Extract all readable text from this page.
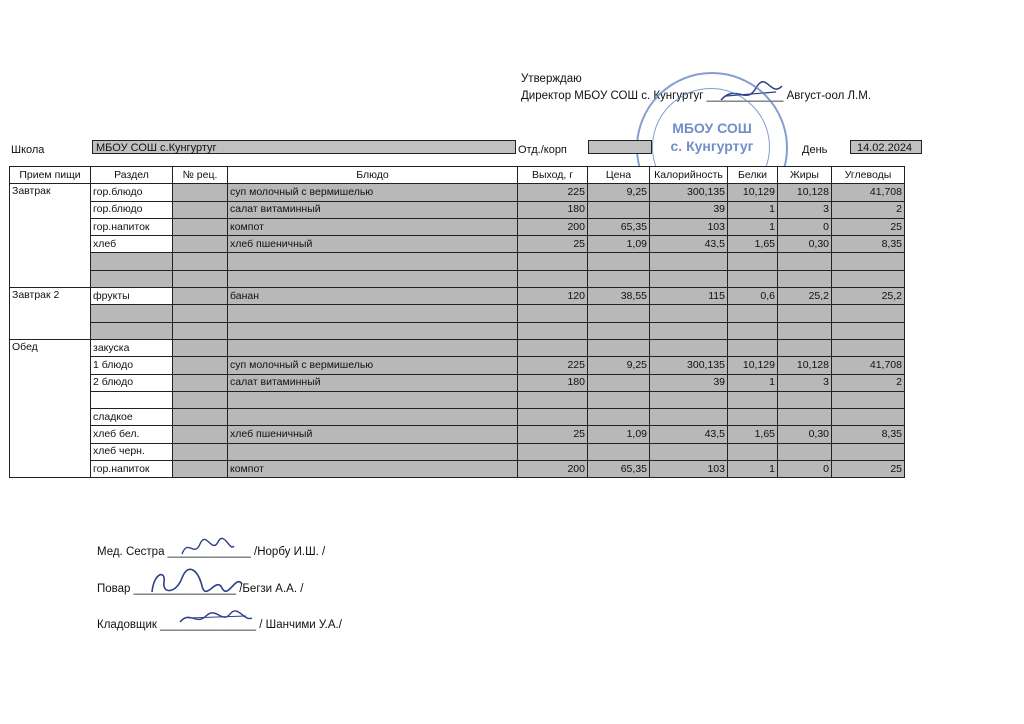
Утверждаю
Директор МБОУ СОШ с. Кунгуртуг ____________ Август-оол Л.М.
МБОУ СОШ
с. Кунгуртуг
Школа	МБОУ СОШ с.Кунгуртуг	Отд./корп	День	14.02.2024
Прием пищи	Раздел	№ рец.	Блюдо	Выход, г	Цена	Калорийность	Белки	Жиры	Углеводы
Завтрак	гор.блюдо		суп молочный с вермишелью	225	9,25	300,135	10,129	10,128	41,708
	гор.блюдо		салат витаминный	180		39	1	3	2
	гор.напиток		компот	200	65,35	103	1	0	25
	хлеб		хлеб пшеничный	25	1,09	43,5	1,65	0,30	8,35

Завтрак 2	фрукты		банан	120	38,55	115	0,6	25,2	25,2

Обед	закуска								
	1 блюдо		суп молочный с вермишелью	225	9,25	300,135	10,129	10,128	41,708
	2 блюдо		салат витаминный	180		39	1	3	2

	сладкое								
	хлеб бел.		хлеб пшеничный	25	1,09	43,5	1,65	0,30	8,35
	хлеб черн.								
	гор.напиток		компот	200	65,35	103	1	0	25
Мед. Сестра _____________ /Норбу И.Ш. /
Повар ________________ /Бегзи А.А. /
Кладовщик _______________ / Шанчими У.А./
